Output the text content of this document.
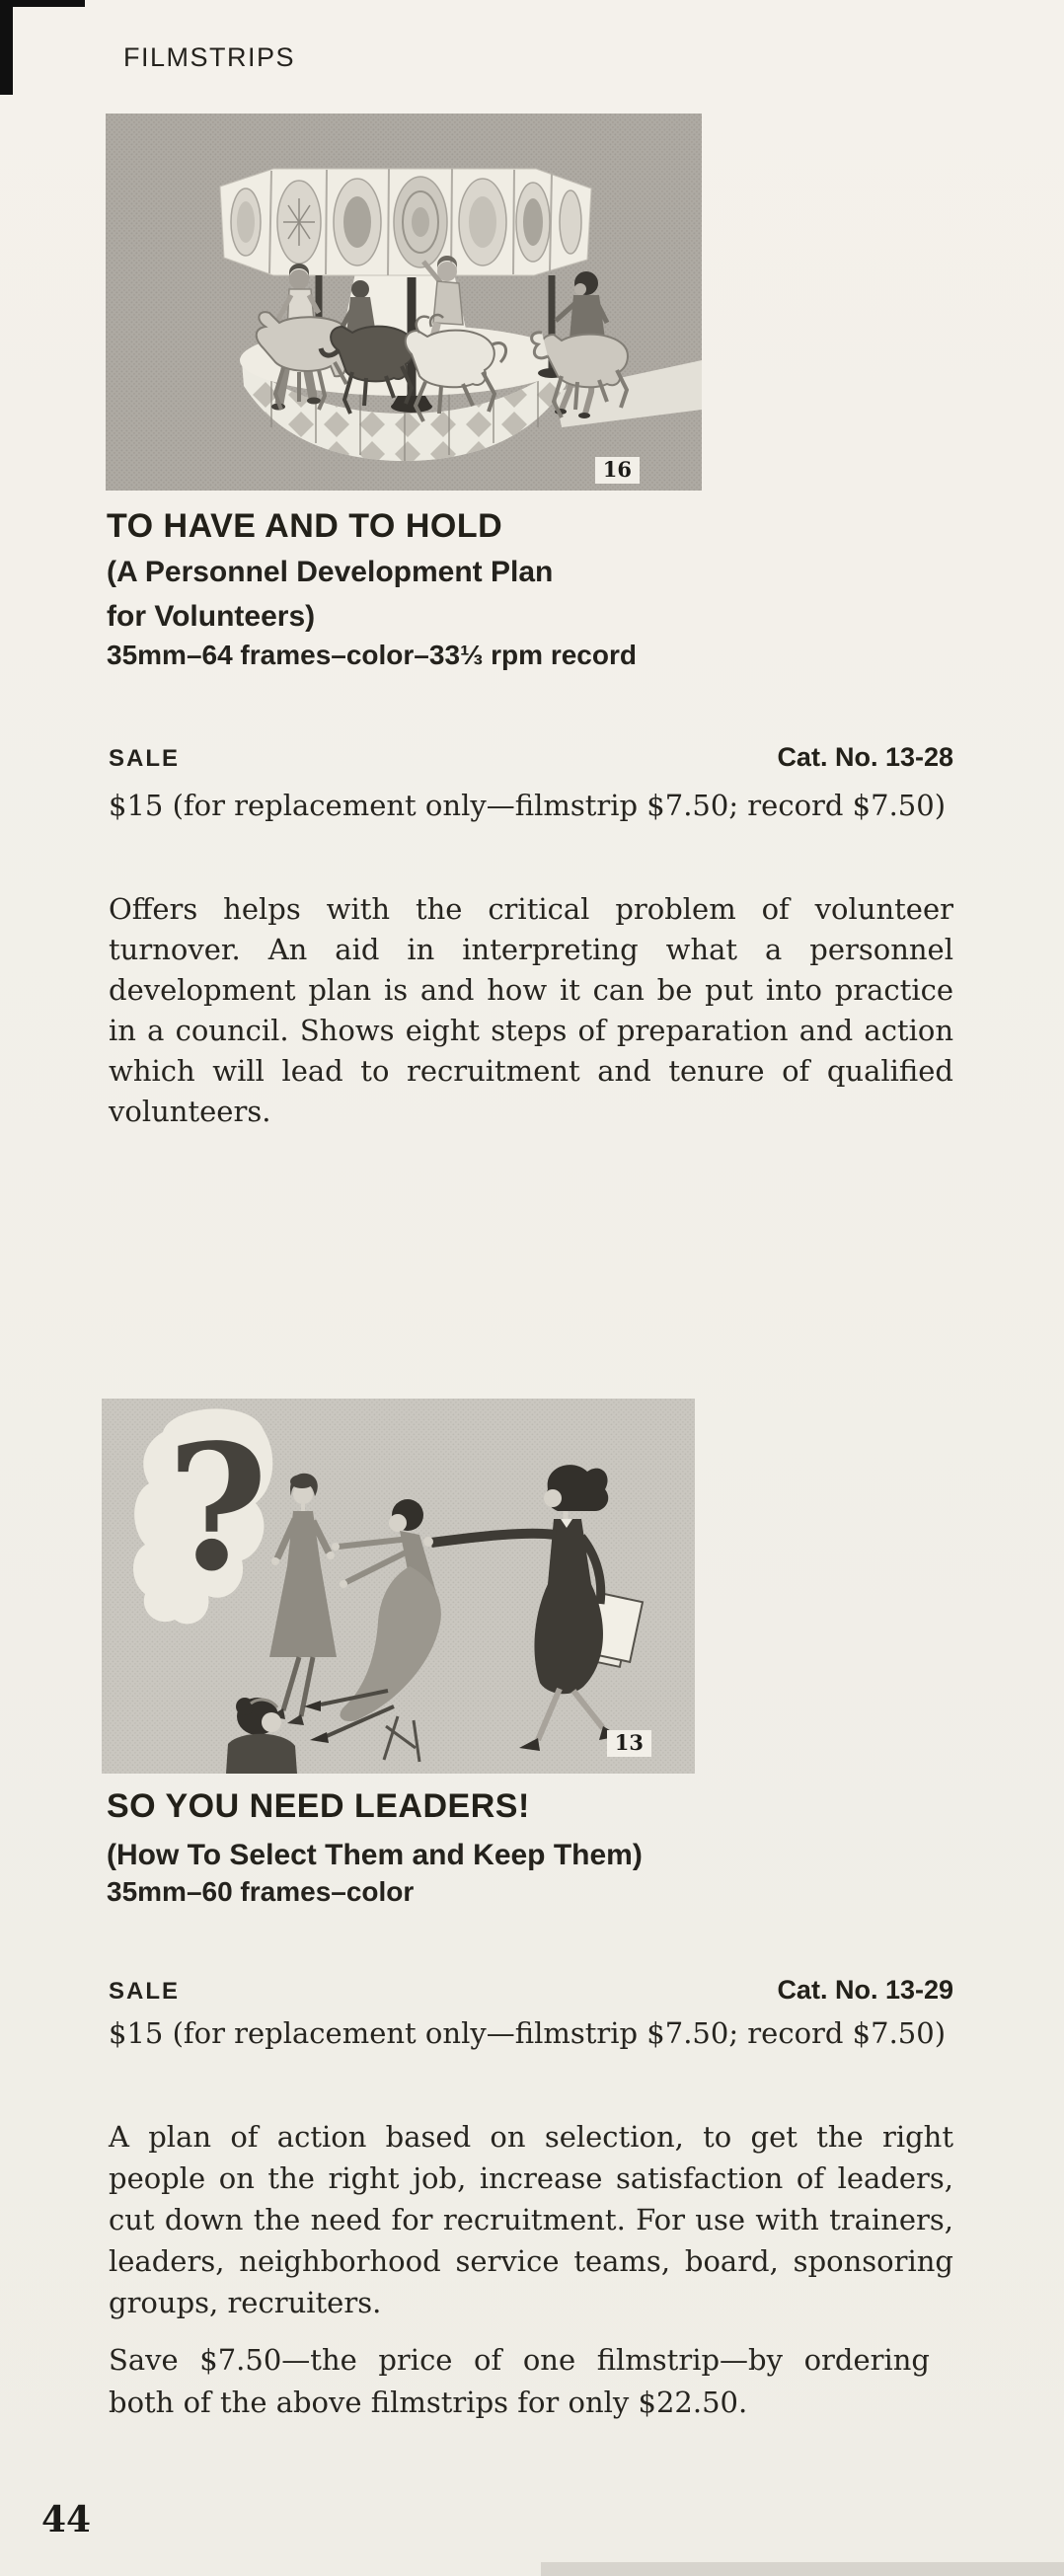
FILMSTRIPS
16
TO HAVE AND TO HOLD
(A Personnel Development Plan
for Volunteers)
35mm–64 frames–color–33⅓ rpm record
SALE	Cat. No. 13-28
$15 (for replacement only—filmstrip $7.50; record $7.50)
Offers helps with the critical problem of volunteer turnover. An aid in interpreting what a personnel development plan is and how it can be put into practice in a council. Shows eight steps of preparation and action which will lead to recruitment and tenure of qualified volunteers.
?
13
SO YOU NEED LEADERS!
(How To Select Them and Keep Them)
35mm–60 frames–color
SALE	Cat. No. 13-29
$15 (for replacement only—filmstrip $7.50; record $7.50)
A plan of action based on selection, to get the right people on the right job, increase satisfaction of leaders, cut down the need for recruitment. For use with trainers, leaders, neighborhood service teams, board, sponsoring groups, recruiters.
Save $7.50—the price of one filmstrip—by ordering both of the above filmstrips for only $22.50.
44
